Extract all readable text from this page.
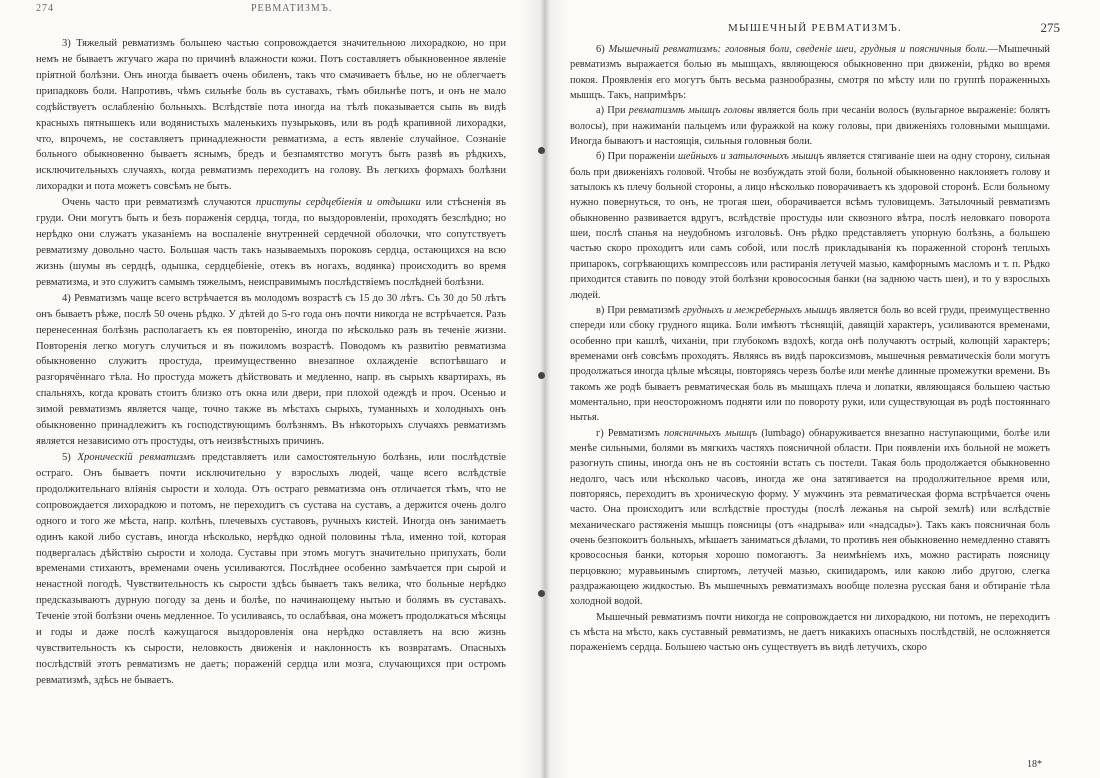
274	РЕВМАТИЗМЪ.

3) Тяжелый ревматизмъ большею частью сопровождается значительною лихорадкою, но при немъ не бываетъ жгучаго жара по причинѣ влажности кожи. Потъ составляетъ обыкновенное явленіе прiятной болѣзни. Онъ иногда бываетъ очень обиленъ, такъ что смачиваетъ бѣлье, но не облегчаетъ припадковъ боли. Напротивъ, чѣмъ сильнѣе боль въ суставахъ, тѣмъ обильнѣе потъ, и онъ не мало содѣйствуетъ ослабленію больныхъ. Вслѣдствіе пота иногда на тѣлѣ показывается сыпь въ видѣ красныхъ пятнышекъ или водянистыхъ маленькихъ пузырьковъ, или въ родѣ крапивной лихорадки, что, впрочемъ, не составляетъ принадлежности ревматизма, а есть явленіе случайное. Сознаніе больного обыкновенно бываетъ яснымъ, бредъ и безпамятство могутъ быть развѣ въ рѣдкихъ, исключительныхъ случаяхъ, когда ревматизмъ переходитъ на голову. Въ легкихъ формахъ болѣзни лихорадки и пота можетъ совсѣмъ не быть.

Очень часто при ревматизмѣ случаются приступы сердцебіенія и отдышки или стѣсненія въ груди. Они могутъ быть и безъ пораженія сердца, тогда, по выздоровленіи, проходятъ безслѣдно; но нерѣдко они служатъ указаніемъ на воспаленіе внутренней сердечной оболочки, что сопутствуетъ ревматизму довольно часто. Большая часть такъ называемыхъ пороковъ сердца, остающихся на всю жизнь (шумы въ сердцѣ, одышка, сердцебіеніе, отекъ въ ногахъ, водянка) происходитъ во время ревматизма, и это служитъ самымъ тяжелымъ, неисправимымъ послѣдствіемъ послѣдней болѣзни.

4) Ревматизмъ чаще всего встрѣчается въ молодомъ возрастѣ съ 15 до 30 лѣтъ. Съ 30 до 50 лѣтъ онъ бываетъ рѣже, послѣ 50 очень рѣдко. У дѣтей до 5-го года онъ почти никогда не встрѣчается. Разъ перенесенная болѣзнь располагаетъ къ ея повторенію, иногда по нѣсколько разъ въ теченіе жизни. Повторенія легко могутъ случиться и въ пожиломъ возрастѣ. Поводомъ къ развитію ревматизма обыкновенно служитъ простуда, преимущественно внезапное охлажденіе вспотѣвшаго и разгорячённаго тѣла. Но простуда можетъ дѣйствовать и медленно, напр. въ сырыхъ квартирахъ, въ спальняхъ, когда кровать стоитъ близко отъ окна или двери, при плохой одеждѣ и проч. Осенью и зимой ревматизмъ является чаще, точно также въ мѣстахъ сырыхъ, туманныхъ и холодныхъ онъ обыкновенно принадлежитъ къ господствующимъ болѣзнямъ. Въ нѣкоторыхъ случаяхъ ревматизмъ является независимо отъ простуды, отъ неизвѣстныхъ причинъ.

5) Хроническій ревматизмъ представляетъ или самостоятельную болѣзнь, или послѣдствіе остраго. Онъ бываетъ почти исключительно у взрослыхъ людей, чаще всего вслѣдствіе продолжительнаго вліянія сырости и холода. Отъ остраго ревматизма онъ отличается тѣмъ, что не сопровождается лихорадкою и потомъ, не переходитъ съ сустава на суставъ, а держится очень долго одного и того же мѣста, напр. колѣнъ, плечевыхъ суставовъ, ручныхъ кистей. Иногда онъ занимаетъ одинъ какой либо суставъ, иногда нѣсколько, нерѣдко одной половины тѣла, именно той, которая подвергалась дѣйствію сырости и холода. Суставы при этомъ могутъ значительно припухать, боли временами стихаютъ, временами очень усиливаются. Послѣднее особенно замѣчается при сырой и ненастной погодѣ. Чувствительность къ сырости здѣсь бываетъ такъ велика, что больные нерѣдко предсказываютъ дурную погоду за день и болѣе, по начинающему нытью и болямъ въ суставахъ. Теченіе этой болѣзни очень медленное. То усиливаясь, то ослабѣвая, она можетъ продолжаться мѣсяцы и годы и даже послѣ кажущагося выздоровленія она нерѣдко оставляетъ на всю жизнь чувствительность къ сырости, неловкость движенія и наклонность къ возвратамъ. Опасныхъ послѣдствій этотъ ревматизмъ не даетъ; пораженій сердца или мозга, случающихся при остромъ ревматизмѣ, здѣсь не бываетъ.

МЫШЕЧНЫЙ РЕВМАТИЗМЪ.	275

6) Мышечный ревматизмъ: головныя боли, сведеніе шеи, грудныя и поясничныя боли.—Мышечный ревматизмъ выражается болью въ мышцахъ, являющеюся обыкновенно при движеніи, рѣдко во время покоя. Проявленія его могутъ быть весьма разнообразны, смотря по мѣсту или по группѣ пораженныхъ мышцъ. Такъ, напримѣръ:

а) При ревматизмѣ мышцъ головы является боль при чесаніи волосъ (вульгарное выраженіе: болятъ волосы), при нажиманіи пальцемъ или фуражкой на кожу головы, при движеніяхъ головными мышцами. Иногда бываютъ и настоящія, сильныя головныя боли.

б) При пораженіи шейныхъ и затылочныхъ мышцъ является стягиваніе шеи на одну сторону, сильная боль при движеніяхъ головой. Чтобы не возбуждать этой боли, больной обыкновенно наклоняетъ голову и затылокъ къ плечу больной стороны, а лицо нѣсколько поворачиваетъ къ здоровой сторонѣ. Если больному нужно повернуться, то онъ, не трогая шеи, оборачивается всѣмъ туловищемъ. Затылочный ревматизмъ обыкновенно развивается вдругъ, вслѣдствіе простуды или сквозного вѣтра, послѣ неловкаго поворота шеи, послѣ спанья на неудобномъ изголовьѣ. Онъ рѣдко представляетъ упорную болѣзнь, а большею частью скоро проходитъ или самъ собой, или послѣ прикладыванія къ пораженной сторонѣ теплыхъ припарокъ, согрѣвающихъ компрессовъ или растиранія летучей мазью, камфорнымъ масломъ и т. п. Рѣдко приходится ставить по поводу этой болѣзни кровососныя банки (на заднюю часть шеи), и то у взрослыхъ людей.

в) При ревматизмѣ грудныхъ и межреберныхъ мышцъ является боль во всей груди, преимущественно спереди или сбоку грудного ящика. Боли имѣютъ тѣснящій, давящій характеръ, усиливаются временами, особенно при кашлѣ, чиханіи, при глубокомъ вздохѣ, когда онѣ получаютъ острый, колющій характеръ; временами онѣ совсѣмъ проходятъ. Являясь въ видѣ пароксизмовъ, мышечныя ревматическія боли могутъ продолжаться иногда цѣлые мѣсяцы, повторяясь черезъ болѣе или менѣе длинные промежутки времени. Въ такомъ же родѣ бываетъ ревматическая боль въ мышцахъ плеча и лопатки, являющаяся большею частью моментально, при неосторожномъ подняти или по повороту руки, или существующая въ родѣ постояннаго нытья.

г) Ревматизмъ поясничныхъ мышцъ (lumbago) обнаруживается внезапно наступающими, болѣе или менѣе сильными, болями въ мягкихъ частяхъ поясничной области. При появленіи ихъ больной не можетъ разогнуть спины, иногда онъ не въ состояніи встать съ постели. Такая боль продолжается обыкновенно недолго, часъ или нѣсколько часовъ, иногда же она затягивается на продолжительное время или, повторяясь, переходитъ въ хроническую форму. У мужчинъ эта ревматическая форма встрѣчается очень часто. Она происходитъ или вслѣдствіе простуды (послѣ лежанья на сырой землѣ) или вслѣдствіе механическаго растяженія мышцъ поясницы (отъ «надрыва» или «надсады»). Такъ какъ поясничная боль очень безпокоитъ больныхъ, мѣшаетъ заниматься дѣлами, то противъ нея обыкновенно немедленно ставятъ кровососныя банки, которыя хорошо помогаютъ. За неимѣніемъ ихъ, можно растирать поясницу перцовкою; муравьинымъ спиртомъ, летучей мазью, скипидаромъ, или какою либо другою, слегка раздражающею жидкостью. Въ мышечныхъ ревматизмахъ вообще полезна русская баня и обтираніе тѣла холодной водой.

Мышечный ревматизмъ почти никогда не сопровождается ни лихорадкою, ни потомъ, не переходитъ съ мѣста на мѣсто, какъ суставный ревматизмъ, не даетъ никакихъ опасныхъ послѣдствій, не осложняется пораженіемъ сердца. Большею частью онъ существуетъ въ видѣ летучихъ, скоро

18*
